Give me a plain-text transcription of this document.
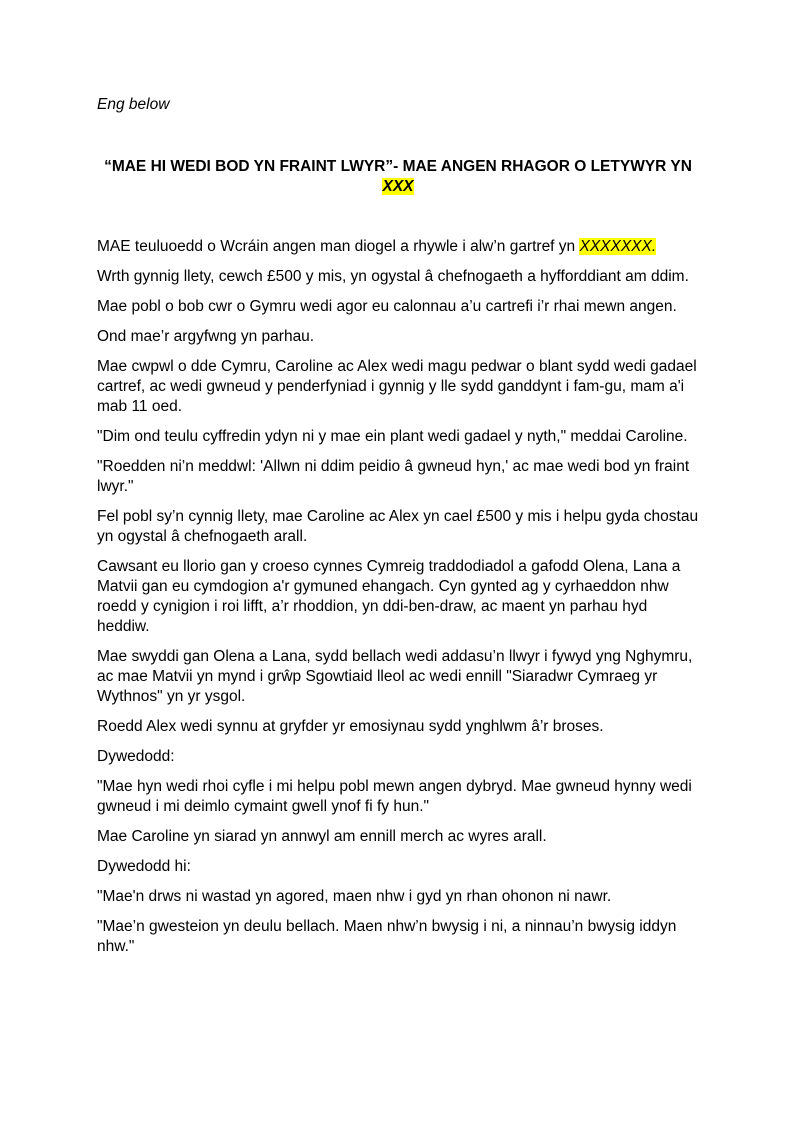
Eng below

“MAE HI WEDI BOD YN FRAINT LWYR”- MAE ANGEN RHAGOR O LETYWYR YN XXX

MAE teuluoedd o Wcráin angen man diogel a rhywle i alw’n gartref yn XXXXXXX.

Wrth gynnig llety, cewch £500 y mis, yn ogystal â chefnogaeth a hyfforddiant am ddim.

Mae pobl o bob cwr o Gymru wedi agor eu calonnau a’u cartrefi i’r rhai mewn angen.

Ond mae’r argyfwng yn parhau.

Mae cwpwl o dde Cymru, Caroline ac Alex wedi magu pedwar o blant sydd wedi gadael cartref, ac wedi gwneud y penderfyniad i gynnig y lle sydd ganddynt i fam-gu, mam a'i mab 11 oed.

"Dim ond teulu cyffredin ydyn ni y mae ein plant wedi gadael y nyth," meddai Caroline.

"Roedden ni’n meddwl: 'Allwn ni ddim peidio â gwneud hyn,' ac mae wedi bod yn fraint lwyr."

Fel pobl sy’n cynnig llety, mae Caroline ac Alex yn cael £500 y mis i helpu gyda chostau yn ogystal â chefnogaeth arall.

Cawsant eu llorio gan y croeso cynnes Cymreig traddodiadol a gafodd Olena, Lana a Matvii gan eu cymdogion a'r gymuned ehangach. Cyn gynted ag y cyrhaeddon nhw roedd y cynigion i roi lifft, a’r rhoddion, yn ddi-ben-draw, ac maent yn parhau hyd heddiw.

Mae swyddi gan Olena a Lana, sydd bellach wedi addasu’n llwyr i fywyd yng Nghymru, ac mae Matvii yn mynd i grŵp Sgowtiaid lleol ac wedi ennill "Siaradwr Cymraeg yr Wythnos" yn yr ysgol.

Roedd Alex wedi synnu at gryfder yr emosiynau sydd ynghlwm â’r broses.

Dywedodd:

"Mae hyn wedi rhoi cyfle i mi helpu pobl mewn angen dybryd. Mae gwneud hynny wedi gwneud i mi deimlo cymaint gwell ynof fi fy hun."

Mae Caroline yn siarad yn annwyl am ennill merch ac wyres arall.

Dywedodd hi:

"Mae'n drws ni wastad yn agored, maen nhw i gyd yn rhan ohonon ni nawr.

"Mae’n gwesteion yn deulu bellach. Maen nhw’n bwysig i ni, a ninnau’n bwysig iddyn nhw."
